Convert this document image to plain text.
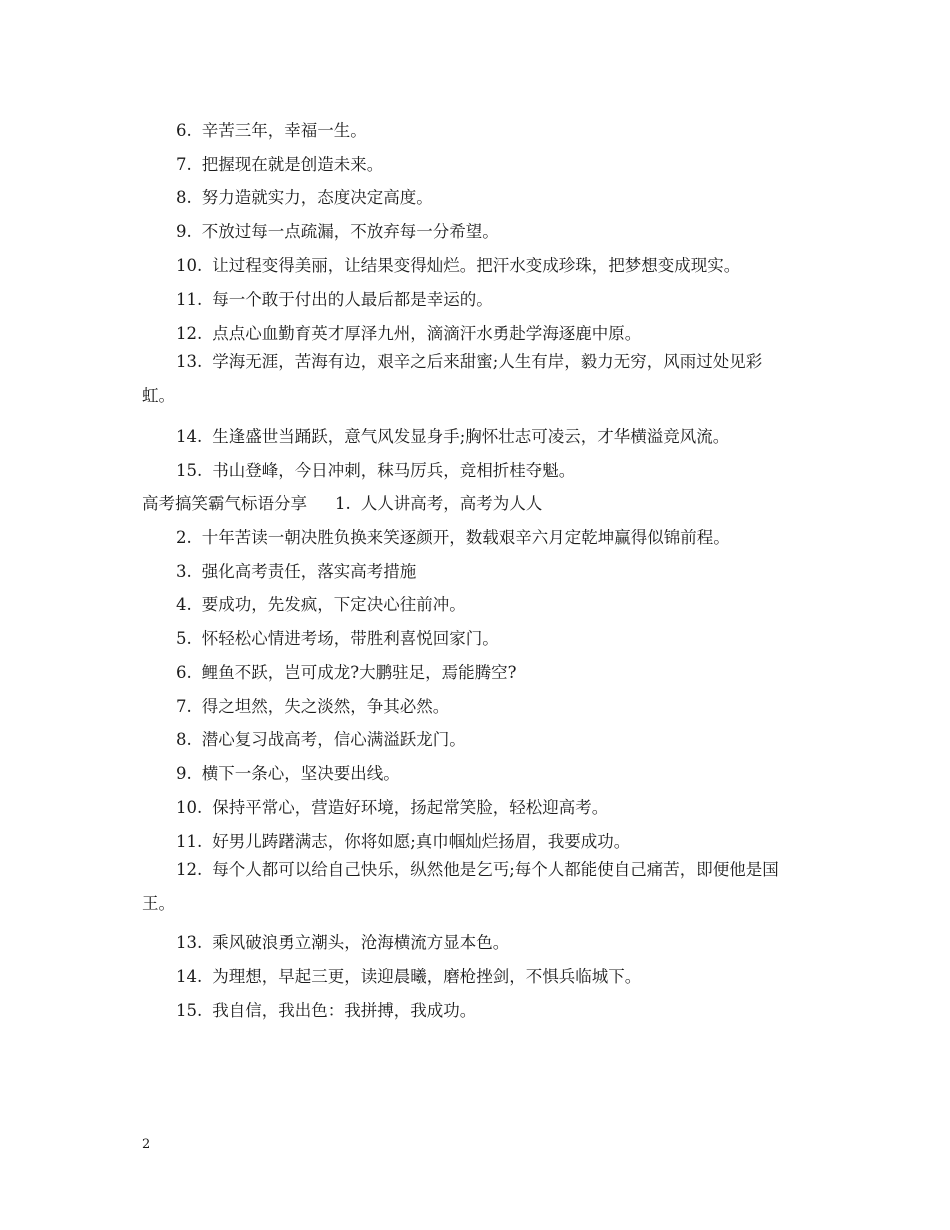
6. 辛苦三年，幸福一生。
7. 把握现在就是创造未来。
8. 努力造就实力，态度决定高度。
9. 不放过每一点疏漏，不放弃每一分希望。
10. 让过程变得美丽，让结果变得灿烂。把汗水变成珍珠，把梦想变成现实。
11. 每一个敢于付出的人最后都是幸运的。
12. 点点心血勤育英才厚泽九州，滴滴汗水勇赴学海逐鹿中原。
13. 学海无涯，苦海有边，艰辛之后来甜蜜;人生有岸，毅力无穷，风雨过处见彩虹。
14. 生逢盛世当踊跃，意气风发显身手;胸怀壮志可凌云，才华横溢竞风流。
15. 书山登峰，今日冲刺，秣马厉兵，竞相折桂夺魁。
高考搞笑霸气标语分享 1. 人人讲高考，高考为人人
2. 十年苦读一朝决胜负换来笑逐颜开，数载艰辛六月定乾坤赢得似锦前程。
3. 强化高考责任，落实高考措施
4. 要成功，先发疯，下定决心往前冲。
5. 怀轻松心情进考场，带胜利喜悦回家门。
6. 鲤鱼不跃，岂可成龙?大鹏驻足，焉能腾空?
7. 得之坦然，失之淡然，争其必然。
8. 潜心复习战高考，信心满溢跃龙门。
9. 横下一条心，坚决要出线。
10. 保持平常心，营造好环境，扬起常笑脸，轻松迎高考。
11. 好男儿踌躇满志，你将如愿;真巾帼灿烂扬眉，我要成功。
12. 每个人都可以给自己快乐，纵然他是乞丐;每个人都能使自己痛苦，即便他是国王。
13. 乘风破浪勇立潮头，沧海横流方显本色。
14. 为理想，早起三更，读迎晨曦，磨枪挫剑，不惧兵临城下。
15. 我自信，我出色：我拼搏，我成功。
2
